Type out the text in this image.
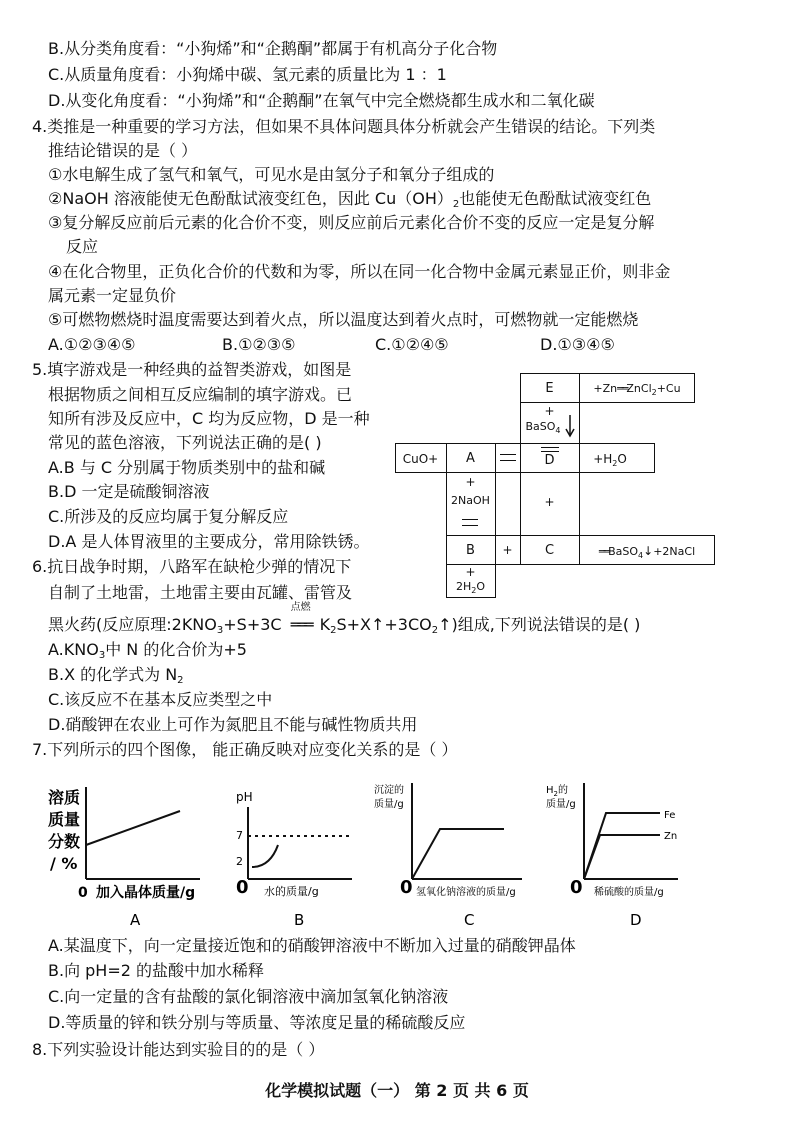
B.从分类角度看：“小狗烯”和“企鹅酮”都属于有机高分子化合物
C.从质量角度看：小狗烯中碳、氢元素的质量比为 1 ：1
D.从变化角度看：“小狗烯”和“企鹅酮”在氧气中完全燃烧都生成水和二氧化碳
4.类推是一种重要的学习方法，但如果不具体问题具体分析就会产生错误的结论。下列类
推结论错误的是（ ）
①水电解生成了氢气和氧气，可见水是由氢分子和氧分子组成的
②NaOH 溶液能使无色酚酞试液变红色，因此 $Cu(OH)_2$也能使无色酚酞试液变红色
③复分解反应前后元素的化合价不变，则反应前后元素化合价不变的反应一定是复分解
反应
④在化合物里，正负化合价的代数和为零，所以在同一化合物中金属元素显正价，则非金
属元素一定显负价
⑤可燃物燃烧时温度需要达到着火点，所以温度达到着火点时，可燃物就一定能燃烧
A.①②③④⑤	B.①②③⑤	C.①②④⑤	D.①③④⑤
5.填字游戏是一种经典的益智类游戏，如图是
根据物质之间相互反应编制的填字游戏。已
知所有涉及反应中，C 均为反应物，D 是一种
常见的蓝色溶液，下列说法正确的是( )
A.B 与 C 分别属于物质类别中的盐和碱
B.D 一定是硫酸铜溶液
C.所涉及的反应均属于复分解反应
D.A 是人体胃液里的主要成分，常用除铁锈。
E	+Zn══ZnCl$_2$+Cu
+
BaSO$_4$
CuO+	A	D	$+H_2O$
+
2NaOH	+
B	+	C	══BaSO$_4$↓+2NaCl
+
$2H_2O$
6.抗日战争时期，八路军在缺枪少弹的情况下
自制了土地雷，土地雷主要由瓦罐、雷管及
黑火药(反应原理$:2KNO_3+S+3C$
点燃
═══ $K_2S+X↑+3CO_2↑$)组成,下列说法错误的是( )
$A.KNO_3$中 N 的化合价为+5
B.X 的化学式为 $N_2$
C.该反应不在基本反应类型之中
D.硝酸钾在农业上可作为氮肥且不能与碱性物质共用
7.下列所示的四个图像， 能正确反映对应变化关系的是（ ）
溶 质
质量
分数
/ %
0 加入晶体质量/g
A
pH
7
2
0 水的质量/g
B
沉淀的
质量/g
0 氢氧化钠溶液的质量/g
C
$H_2$的
质量/g
Fe
Zn
0 稀硫酸的质量/g
D
A.某温度下，向一定量接近饱和的硝酸钾溶液中不断加入过量的硝酸钾晶体
B.向 pH=2 的盐酸中加水稀释
C.向一定量的含有盐酸的氯化铜溶液中滴加氢氧化钠溶液
D.等质量的锌和铁分别与等质量、等浓度足量的稀硫酸反应
8.下列实验设计能达到实验目的的是（ ）
化学模拟试题（一） 第 2 页 共 6 页
